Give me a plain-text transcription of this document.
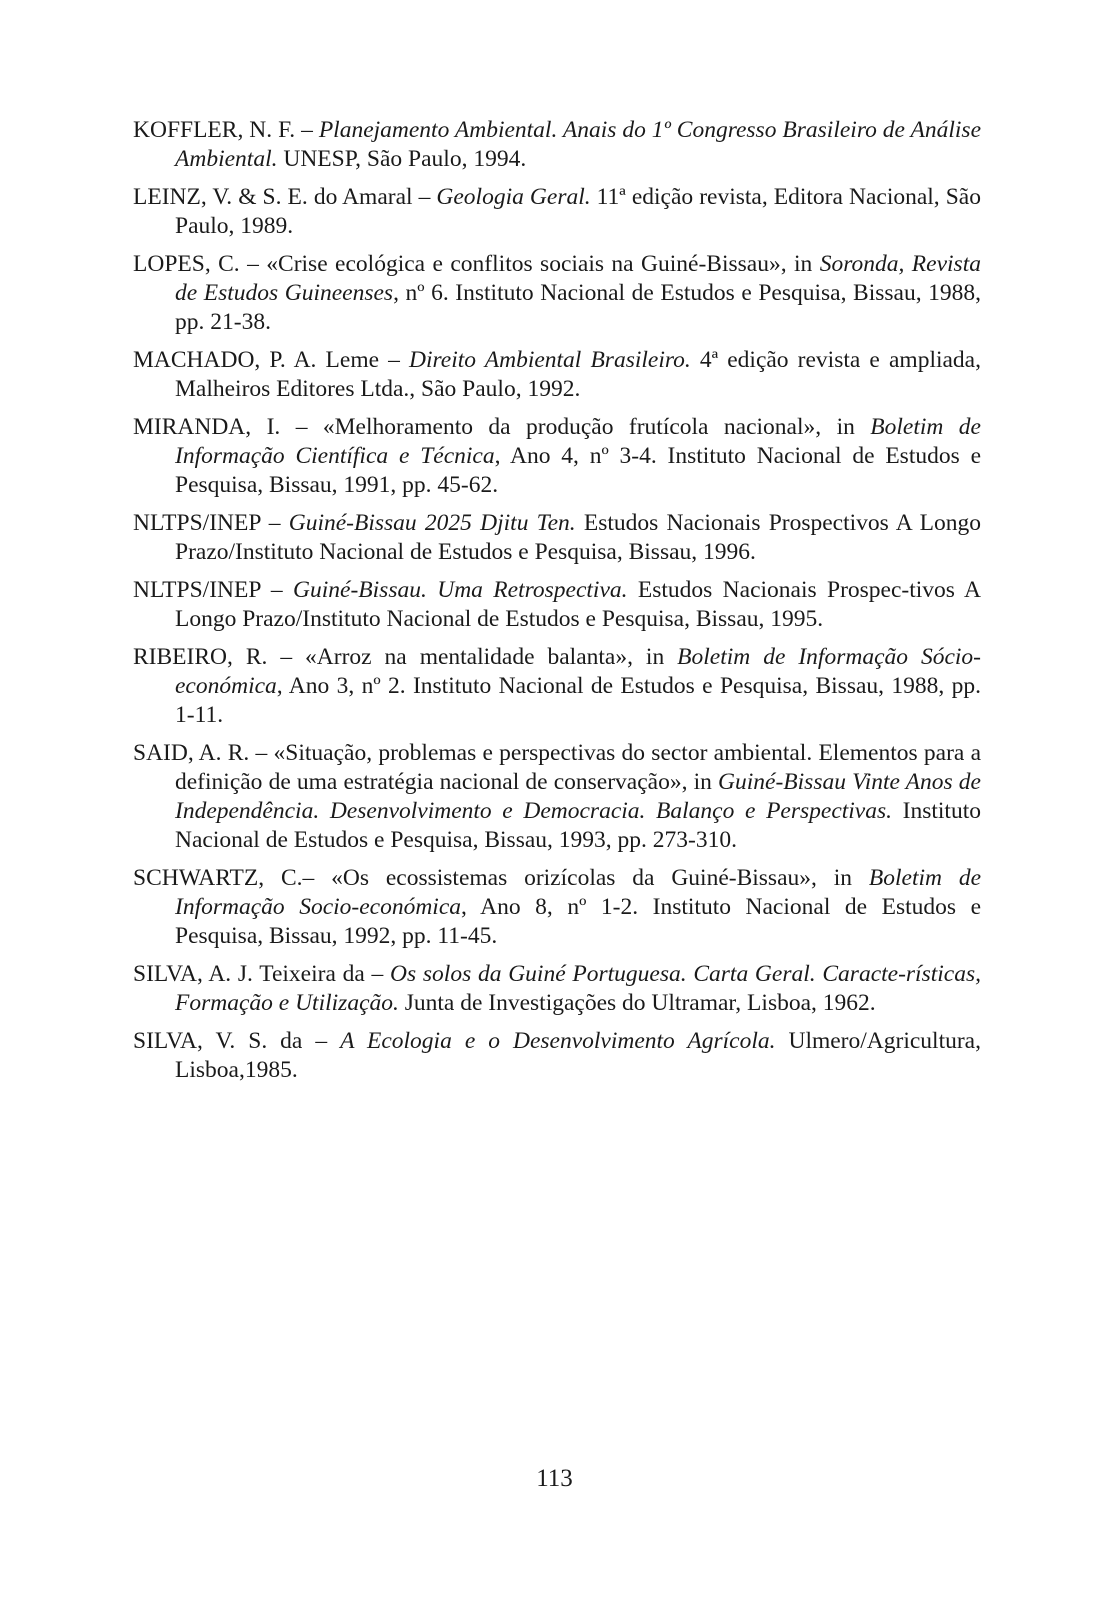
KOFFLER, N. F. – Planejamento Ambiental. Anais do 1º Congresso Brasileiro de Análise Ambiental. UNESP, São Paulo, 1994.
LEINZ, V. & S. E. do Amaral – Geologia Geral. 11ª edição revista, Editora Nacional, São Paulo, 1989.
LOPES, C. – «Crise ecológica e conflitos sociais na Guiné-Bissau», in Soronda, Revista de Estudos Guineenses, nº 6. Instituto Nacional de Estudos e Pesquisa, Bissau, 1988, pp. 21-38.
MACHADO, P. A. Leme – Direito Ambiental Brasileiro. 4ª edição revista e ampliada, Malheiros Editores Ltda., São Paulo, 1992.
MIRANDA, I. – «Melhoramento da produção frutícola nacional», in Boletim de Informação Científica e Técnica, Ano 4, nº 3-4. Instituto Nacional de Estudos e Pesquisa, Bissau, 1991, pp. 45-62.
NLTPS/INEP – Guiné-Bissau 2025 Djitu Ten. Estudos Nacionais Prospectivos A Longo Prazo/Instituto Nacional de Estudos e Pesquisa, Bissau, 1996.
NLTPS/INEP – Guiné-Bissau. Uma Retrospectiva. Estudos Nacionais Prospec-tivos A Longo Prazo/Instituto Nacional de Estudos e Pesquisa, Bissau, 1995.
RIBEIRO, R. – «Arroz na mentalidade balanta», in Boletim de Informação Sócio-económica, Ano 3, nº 2. Instituto Nacional de Estudos e Pesquisa, Bissau, 1988, pp. 1-11.
SAID, A. R. – «Situação, problemas e perspectivas do sector ambiental. Elementos para a definição de uma estratégia nacional de conservação», in Guiné-Bissau Vinte Anos de Independência. Desenvolvimento e Democracia. Balanço e Perspectivas. Instituto Nacional de Estudos e Pesquisa, Bissau, 1993, pp. 273-310.
SCHWARTZ, C.– «Os ecossistemas orizícolas da Guiné-Bissau», in Boletim de Informação Socio-económica, Ano 8, nº 1-2. Instituto Nacional de Estudos e Pesquisa, Bissau, 1992, pp. 11-45.
SILVA, A. J. Teixeira da – Os solos da Guiné Portuguesa. Carta Geral. Caracte-rísticas, Formação e Utilização. Junta de Investigações do Ultramar, Lisboa, 1962.
SILVA, V. S. da – A Ecologia e o Desenvolvimento Agrícola. Ulmero/Agricultura, Lisboa,1985.
113
